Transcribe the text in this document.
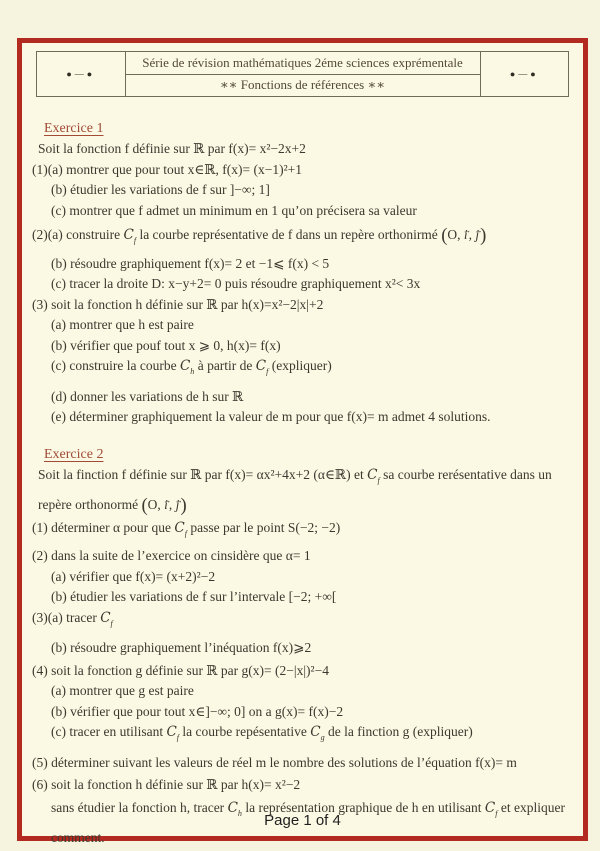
●—●
Série de révision mathématiques 2éme sciences exprémentale
∗∗ Fonctions de références ∗∗
●—●
Exercice 1
Soit la fonction f définie sur ℝ par f(x)= x²−2x+2
(1)(a) montrer que pour tout x∈ℝ, f(x)= (x−1)²+1
(b) étudier les variations de f sur ]−∞; 1]
(c) montrer que f admet un minimum en 1 qu’on précisera sa valeur
(2)(a) construire $C_f$ la courbe représentative de f dans un repère orthonirmé (O, i →, j →)
(b) résoudre graphiquement f(x)= 2 et −1⩽ f(x) < 5
(c) tracer la droite D: x−y+2= 0 puis résoudre graphiquement x²< 3x
(3) soit la fonction h définie sur ℝ par h(x)=x²−2|x|+2
(a) montrer que h est paire
(b) vérifier que pouf tout x ⩾ 0, h(x)= f(x)
(c) construire la courbe $C_h$ à partir de $C_f$ (expliquer)
(d) donner les variations de h sur ℝ
(e) déterminer graphiquement la valeur de m pour que f(x)= m admet 4 solutions.
Exercice 2
Soit la finction f définie sur ℝ par f(x)= αx²+4x+2 (α∈ℝ) et $C_f$ sa courbe rerésentative dans un
repère orthonormé (O, i →, j →)
(1) déterminer α pour que $C_f$ passe par le point S(−2; −2)
(2) dans la suite de l’exercice on cinsidère que α= 1
(a) vérifier que f(x)= (x+2)²−2
(b) étudier les variations de f sur l’intervale [−2; +∞[
(3)(a) tracer $C_f$
(b) résoudre graphiquement l’inéquation f(x)⩾2
(4) soit la fonction g définie sur ℝ par g(x)= (2−|x|)²−4
(a) montrer que g est paire
(b) vérifier que pour tout x∈]−∞; 0] on a g(x)= f(x)−2
(c) tracer en utilisant $C_f$ la courbe repésentative $C_g$ de la finction g (expliquer)
(5) déterminer suivant les valeurs de réel m le nombre des solutions de l’équation f(x)= m
(6) soit la fonction h définie sur ℝ par h(x)= x²−2
sans étudier la fonction h, tracer $C_h$ la représentation graphique de h en utilisant $C_f$ et expliquer
comment.
Page 1 of 4
